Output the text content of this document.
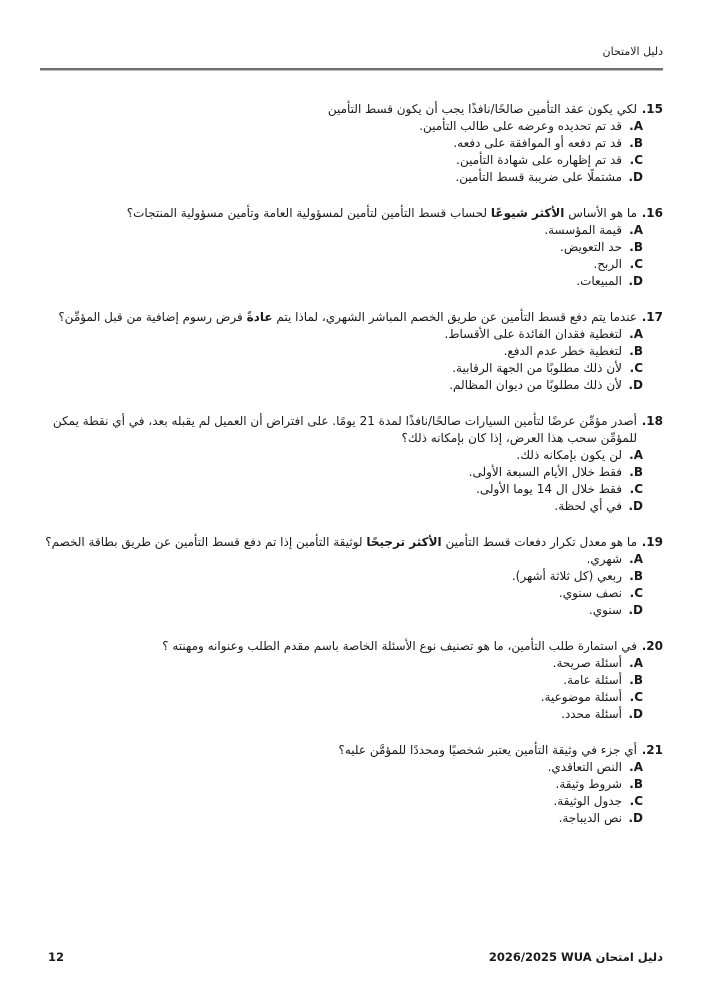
دليل الامتحان
15.
لكي يكون عقد التأمين صالحًا/نافذًا يجب أن يكون قسط التأمين
A.
قد تم تحديده وعرضه على طالب التأمين.
B.
قد تم دفعه أو الموافقة على دفعه.
C.
قد تم إظهاره على شهادة التأمين.
D.
مشتملًا على ضريبة قسط التأمين.
16.
ما هو الأساس الأكثر شيوعًا لحساب قسط التأمين لتأمين لمسؤولية العامة وتأمين مسؤولية المنتجات؟
A.
قيمة المؤسسة.
B.
حد التعويض.
C.
الربح.
D.
المبيعات.
17.
عندما يتم دفع قسط التأمين عن طريق الخصم المباشر الشهري، لماذا يتم عادةً فرض رسوم إضافية من قبل المؤمِّن؟
A.
لتغطية فقدان الفائدة على الأقساط.
B.
لتغطية خطر عدم الدفع.
C.
لأن ذلك مطلوبًا من الجهة الرقابية.
D.
لأن ذلك مطلوبًا من ديوان المظالم.
18.
أصدر مؤمِّن عرضًا لتأمين السيارات صالحًا/نافذًا لمدة 21 يومًا. على افتراض أن العميل لم يقبله بعد، في أي نقطة يمكن للمؤمِّن سحب هذا العرض، إذا كان بإمكانه ذلك؟
A.
لن يكون بإمكانه ذلك.
B.
فقط خلال الأيام السبعة الأولى.
C.
فقط خلال ال 14 يوما الأولى.
D.
في أي لحظة.
19.
ما هو معدل تكرار دفعات قسط التأمين الأكثر ترجيحًا لوثيقة التأمين إذا تم دفع قسط التأمين عن طريق بطاقة الخصم؟
A.
شهري.
B.
ربعي (كل ثلاثة أشهر).
C.
نصف سنوي.
D.
سنوي.
20.
في استمارة طلب التأمين، ما هو تصنيف نوع الأسئلة الخاصة باسم مقدم الطلب وعنوانه ومهنته ؟
A.
أسئلة صريحة.
B.
أسئلة عامة.
C.
أسئلة موضوعية.
D.
أسئلة محدد.
21.
أي جزء في وثيقة التأمين يعتبر شخصيًا ومحددًا للمؤمَّن عليه؟
A.
النص التعاقدي.
B.
شروط وثيقة.
C.
جدول الوثيقة.
D.
نص الديباجة.
12	دليل امتحان WUA ‏2026/2025
